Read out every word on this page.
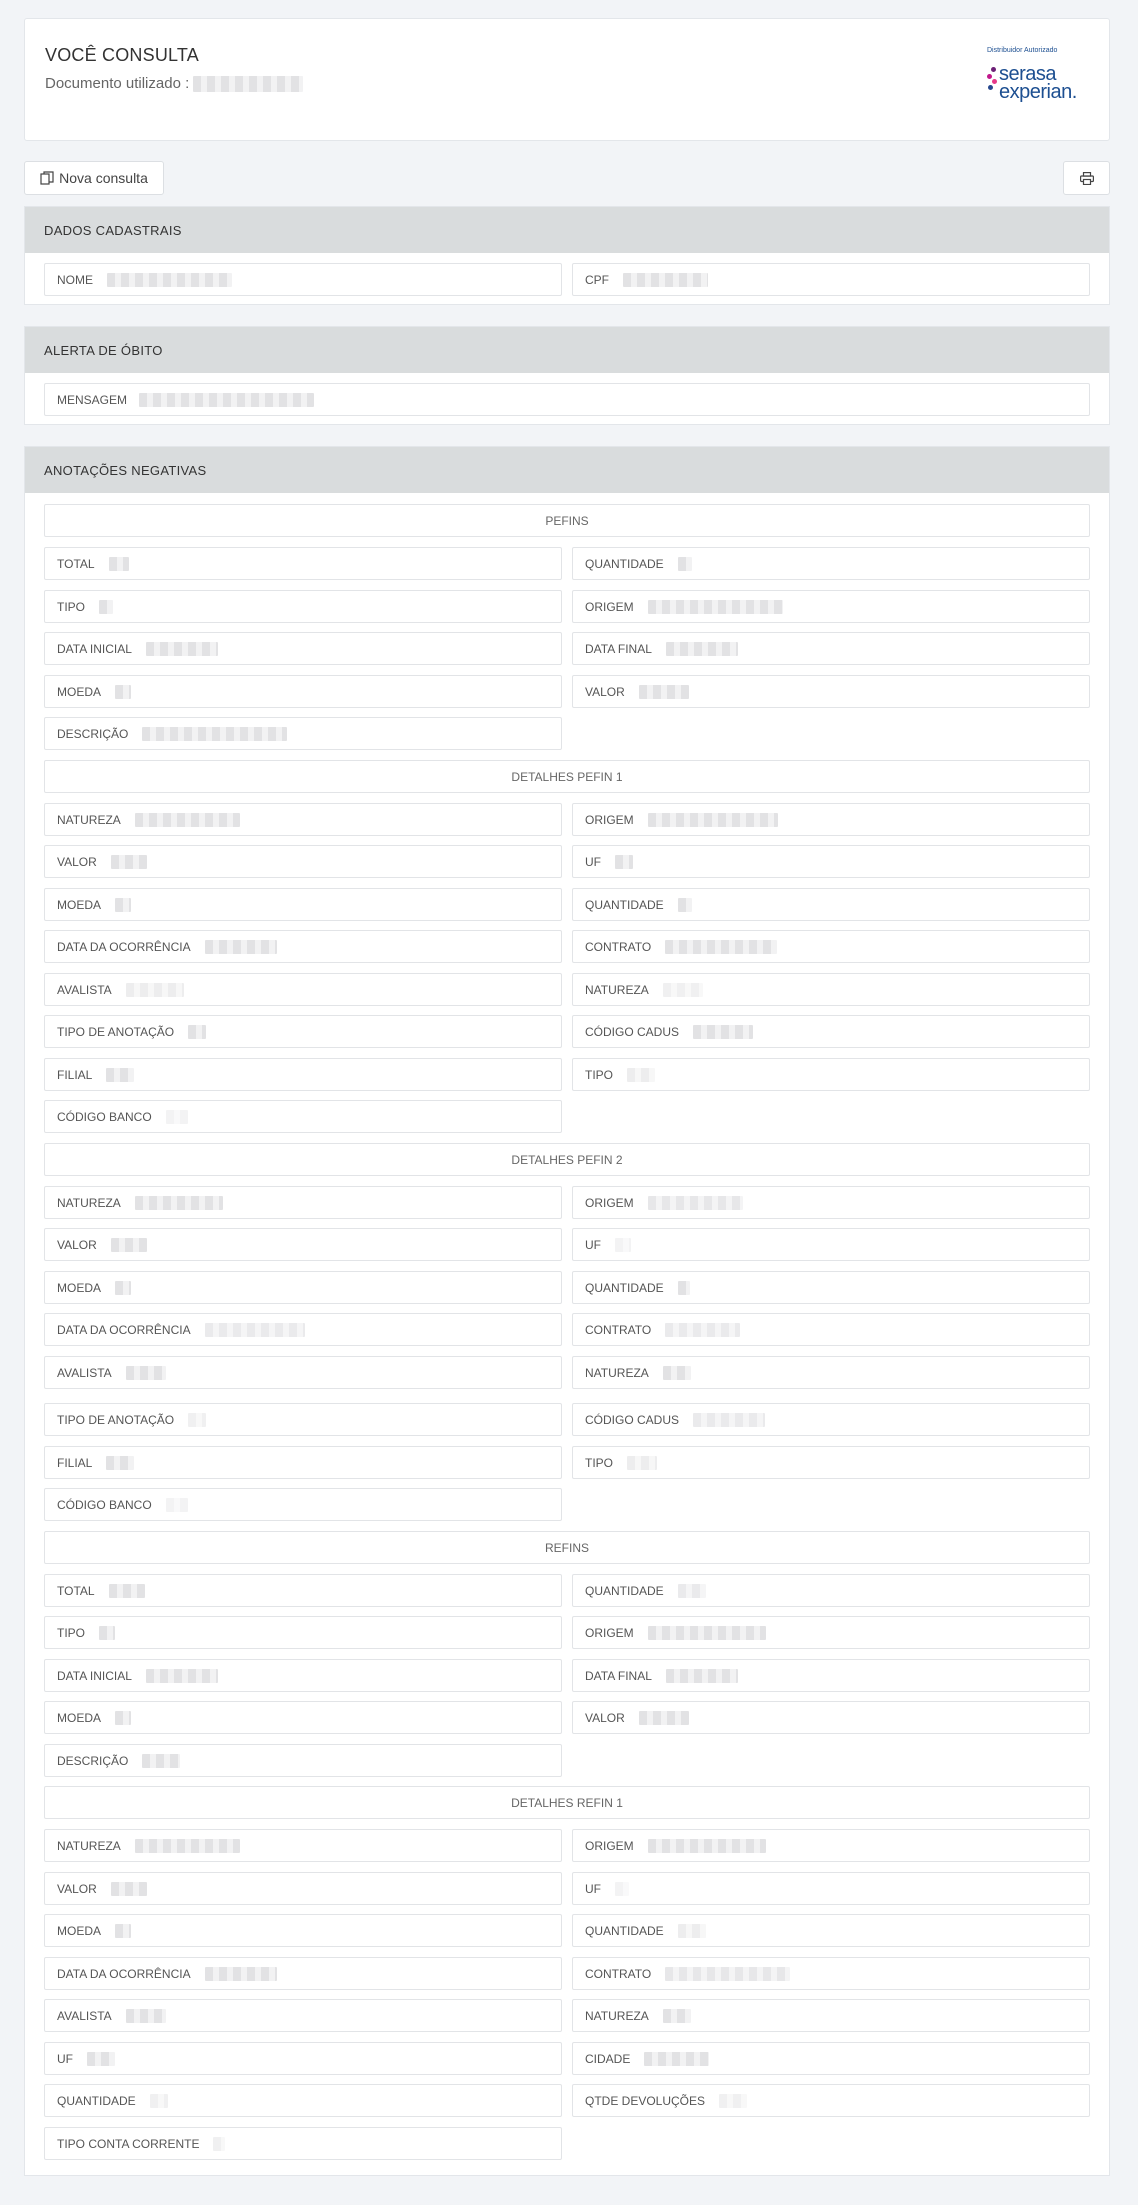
VOCÊ CONSULTA
Documento utilizado :
Distribuidor Autorizado
serasa
experian.
Nova consulta
DADOS CADASTRAIS
NOME	CPF
ALERTA DE ÓBITO
MENSAGEM
ANOTAÇÕES NEGATIVAS
PEFINS
TOTAL	QUANTIDADE
TIPO	ORIGEM
DATA INICIAL	DATA FINAL
MOEDA	VALOR
DESCRIÇÃO
DETALHES PEFIN 1
NATUREZA	ORIGEM
VALOR	UF
MOEDA	QUANTIDADE
DATA DA OCORRÊNCIA	CONTRATO
AVALISTA	NATUREZA
TIPO DE ANOTAÇÃO	CÓDIGO CADUS
FILIAL	TIPO
CÓDIGO BANCO
DETALHES PEFIN 2
NATUREZA	ORIGEM
VALOR	UF
MOEDA	QUANTIDADE
DATA DA OCORRÊNCIA	CONTRATO
AVALISTA	NATUREZA
TIPO DE ANOTAÇÃO	CÓDIGO CADUS
FILIAL	TIPO
CÓDIGO BANCO
REFINS
TOTAL	QUANTIDADE
TIPO	ORIGEM
DATA INICIAL	DATA FINAL
MOEDA	VALOR
DESCRIÇÃO
DETALHES REFIN 1
NATUREZA	ORIGEM
VALOR	UF
MOEDA	QUANTIDADE
DATA DA OCORRÊNCIA	CONTRATO
AVALISTA	NATUREZA
UF	CIDADE
QUANTIDADE	QTDE DEVOLUÇÕES
TIPO CONTA CORRENTE
